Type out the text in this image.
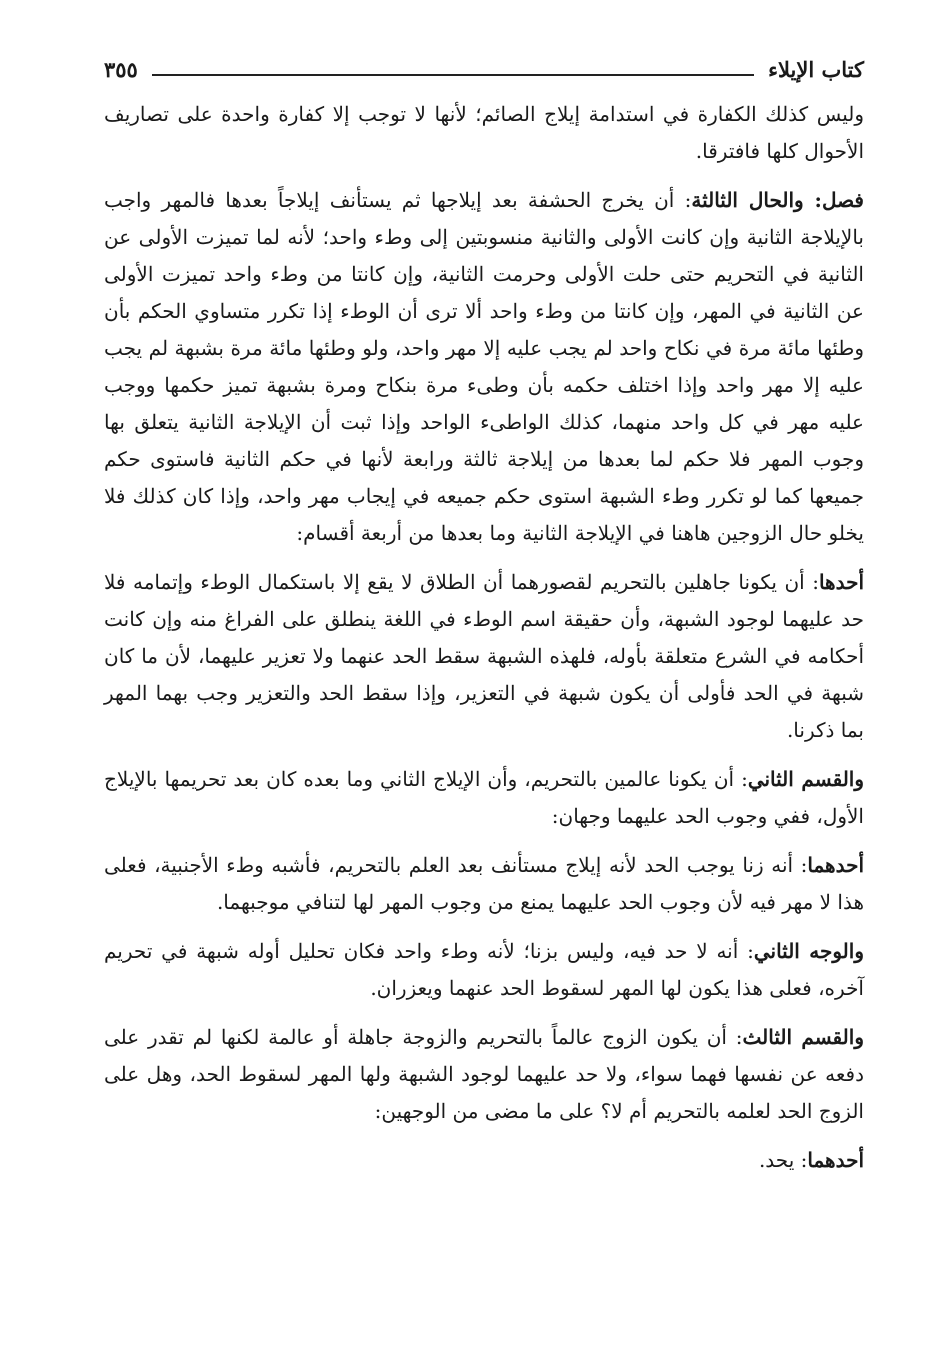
كتاب الإيلاء
٣٥٥

وليس كذلك الكفارة في استدامة إيلاج الصائم؛ لأنها لا توجب إلا كفارة واحدة على تصاريف الأحوال كلها فافترقا.

فصل: والحال الثالثة: أن يخرج الحشفة بعد إيلاجها ثم يستأنف إيلاجاً بعدها فالمهر واجب بالإيلاجة الثانية وإن كانت الأولى والثانية منسوبتين إلى وطء واحد؛ لأنه لما تميزت الأولى عن الثانية في التحريم حتى حلت الأولى وحرمت الثانية، وإن كانتا من وطء واحد تميزت الأولى عن الثانية في المهر، وإن كانتا من وطء واحد ألا ترى أن الوطء إذا تكرر متساوي الحكم بأن وطئها مائة مرة في نكاح واحد لم يجب عليه إلا مهر واحد، ولو وطئها مائة مرة بشبهة لم يجب عليه إلا مهر واحد وإذا اختلف حكمه بأن وطىء مرة بنكاح ومرة بشبهة تميز حكمها ووجب عليه مهر في كل واحد منهما، كذلك الواطىء الواحد وإذا ثبت أن الإيلاجة الثانية يتعلق بها وجوب المهر فلا حكم لما بعدها من إيلاجة ثالثة ورابعة لأنها في حكم الثانية فاستوى حكم جميعها كما لو تكرر وطء الشبهة استوى حكم جميعه في إيجاب مهر واحد، وإذا كان كذلك فلا يخلو حال الزوجين هاهنا في الإيلاجة الثانية وما بعدها من أربعة أقسام:

أحدها: أن يكونا جاهلين بالتحريم لقصورهما أن الطلاق لا يقع إلا باستكمال الوطء وإتمامه فلا حد عليهما لوجود الشبهة، وأن حقيقة اسم الوطء في اللغة ينطلق على الفراغ منه وإن كانت أحكامه في الشرع متعلقة بأوله، فلهذه الشبهة سقط الحد عنهما ولا تعزير عليهما، لأن ما كان شبهة في الحد فأولى أن يكون شبهة في التعزير، وإذا سقط الحد والتعزير وجب بهما المهر بما ذكرنا.

والقسم الثاني: أن يكونا عالمين بالتحريم، وأن الإيلاج الثاني وما بعده كان بعد تحريمها بالإيلاج الأول، ففي وجوب الحد عليهما وجهان:

أحدهما: أنه زنا يوجب الحد لأنه إيلاج مستأنف بعد العلم بالتحريم، فأشبه وطء الأجنبية، فعلى هذا لا مهر فيه لأن وجوب الحد عليهما يمنع من وجوب المهر لها لتنافي موجبهما.

والوجه الثاني: أنه لا حد فيه، وليس بزنا؛ لأنه وطء واحد فكان تحليل أوله شبهة في تحريم آخره، فعلى هذا يكون لها المهر لسقوط الحد عنهما ويعزران.

والقسم الثالث: أن يكون الزوج عالماً بالتحريم والزوجة جاهلة أو عالمة لكنها لم تقدر على دفعه عن نفسها فهما سواء، ولا حد عليهما لوجود الشبهة ولها المهر لسقوط الحد، وهل على الزوج الحد لعلمه بالتحريم أم لا؟ على ما مضى من الوجهين:

أحدهما: يحد.
